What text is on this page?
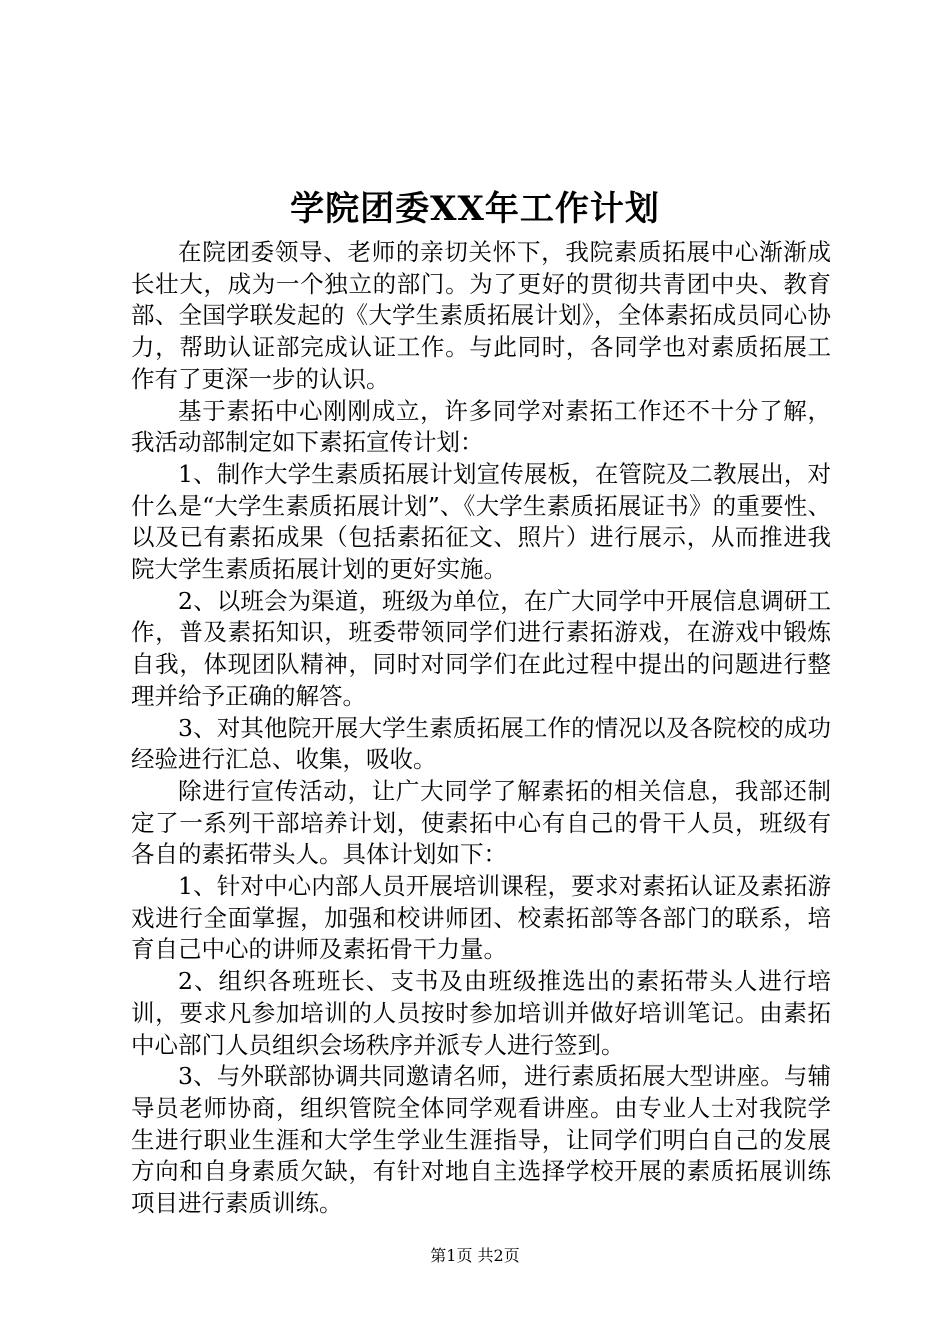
学院团委XX年工作计划

在院团委领导、老师的亲切关怀下，我院素质拓展中心渐渐成长壮大，成为一个独立的部门。为了更好的贯彻共青团中央、教育部、全国学联发起的《大学生素质拓展计划》，全体素拓成员同心协力，帮助认证部完成认证工作。与此同时，各同学也对素质拓展工作有了更深一步的认识。

基于素拓中心刚刚成立，许多同学对素拓工作还不十分了解，我活动部制定如下素拓宣传计划：

1、制作大学生素质拓展计划宣传展板，在管院及二教展出，对什么是“大学生素质拓展计划”、《大学生素质拓展证书》的重要性、以及已有素拓成果（包括素拓征文、照片）进行展示，从而推进我院大学生素质拓展计划的更好实施。

2、以班会为渠道，班级为单位，在广大同学中开展信息调研工作，普及素拓知识，班委带领同学们进行素拓游戏，在游戏中锻炼自我，体现团队精神，同时对同学们在此过程中提出的问题进行整理并给予正确的解答。

3、对其他院开展大学生素质拓展工作的情况以及各院校的成功经验进行汇总、收集，吸收。

除进行宣传活动，让广大同学了解素拓的相关信息，我部还制定了一系列干部培养计划，使素拓中心有自己的骨干人员，班级有各自的素拓带头人。具体计划如下：

1、针对中心内部人员开展培训课程，要求对素拓认证及素拓游戏进行全面掌握，加强和校讲师团、校素拓部等各部门的联系，培育自己中心的讲师及素拓骨干力量。

2、组织各班班长、支书及由班级推选出的素拓带头人进行培训，要求凡参加培训的人员按时参加培训并做好培训笔记。由素拓中心部门人员组织会场秩序并派专人进行签到。

3、与外联部协调共同邀请名师，进行素质拓展大型讲座。与辅导员老师协商，组织管院全体同学观看讲座。由专业人士对我院学生进行职业生涯和大学生学业生涯指导，让同学们明白自己的发展方向和自身素质欠缺，有针对地自主选择学校开展的素质拓展训练项目进行素质训练。

第1页 共2页
